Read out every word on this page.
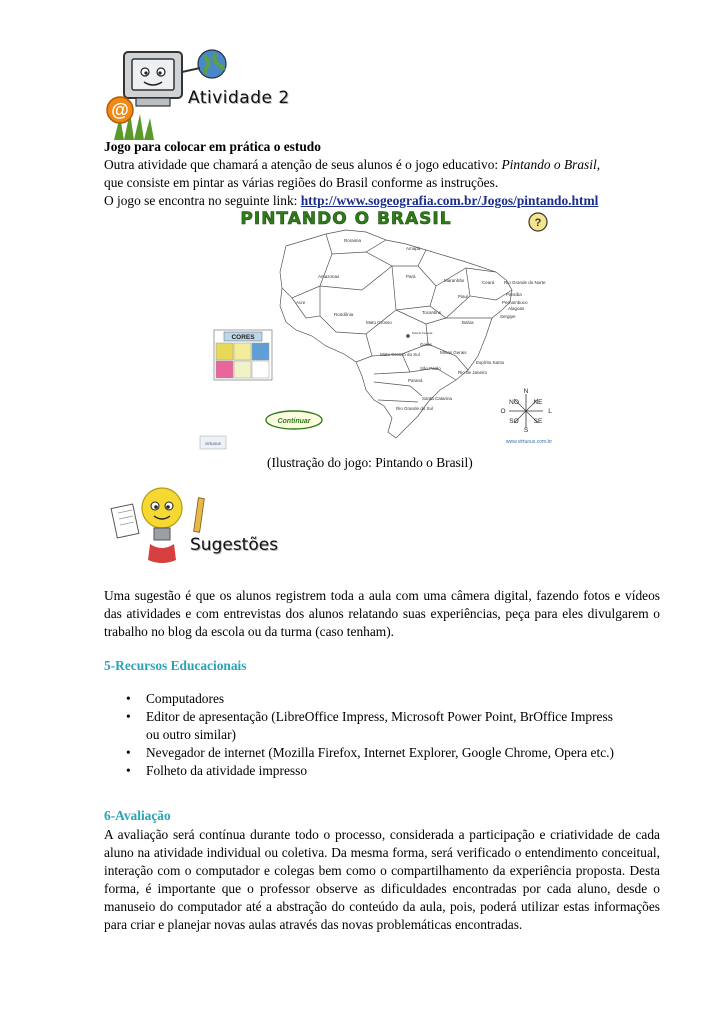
@
Atividade 2
Jogo para colocar em prática o estudo
Outra atividade que chamará a atenção de seus alunos é o jogo educativo: Pintando o Brasil,
que consiste em pintar as várias regiões do Brasil conforme as instruções.
O jogo se encontra no seguinte link: http://www.sogeografia.com.br/Jogos/pintando.html
PINTANDO O BRASIL	?
Roraima
Amapá
Amazonas	Pará
Maranhão	Ceará Rio Grande do Norte
Paraíba
Pernambuco
Piauí
Alagoas
Sergipe
Acre
Rondônia	Tocantins
Bahia
Mato Grosso
Distrito Federal
Goiás
Minas Gerais
Mato Grosso do Sul
Espírito Santo
São Paulo
Rio de Janeiro
Paraná
Santa Catarina
Rio Grande do Sul
CORES
N
NO NE
O	L
SO SE
S
Continuar
virtuous	www.virtuous.com.br
(Ilustração do jogo: Pintando o Brasil)
Sugestões
Uma sugestão é que os alunos registrem toda a aula com uma câmera digital, fazendo fotos e vídeos das atividades e com entrevistas dos alunos relatando suas experiências, peça para eles divulgarem o trabalho no blog da escola ou da turma (caso tenham).
5-Recursos Educacionais
• Computadores
• Editor de apresentação (LibreOffice Impress, Microsoft Power Point, BrOffice Impress ou outro similar)
• Nevegador de internet (Mozilla Firefox, Internet Explorer, Google Chrome, Opera etc.)
• Folheto da atividade impresso
6-Avaliação
A avaliação será contínua durante todo o processo, considerada a participação e criatividade de cada aluno na atividade individual ou coletiva. Da mesma forma, será verificado o entendimento conceitual, interação com o computador e colegas bem como o compartilhamento da experiência proposta. Desta forma, é importante que o professor observe as dificuldades encontradas por cada aluno, desde o manuseio do computador até a abstração do conteúdo da aula, pois, poderá utilizar estas informações para criar e planejar novas aulas através das novas problemáticas encontradas.
